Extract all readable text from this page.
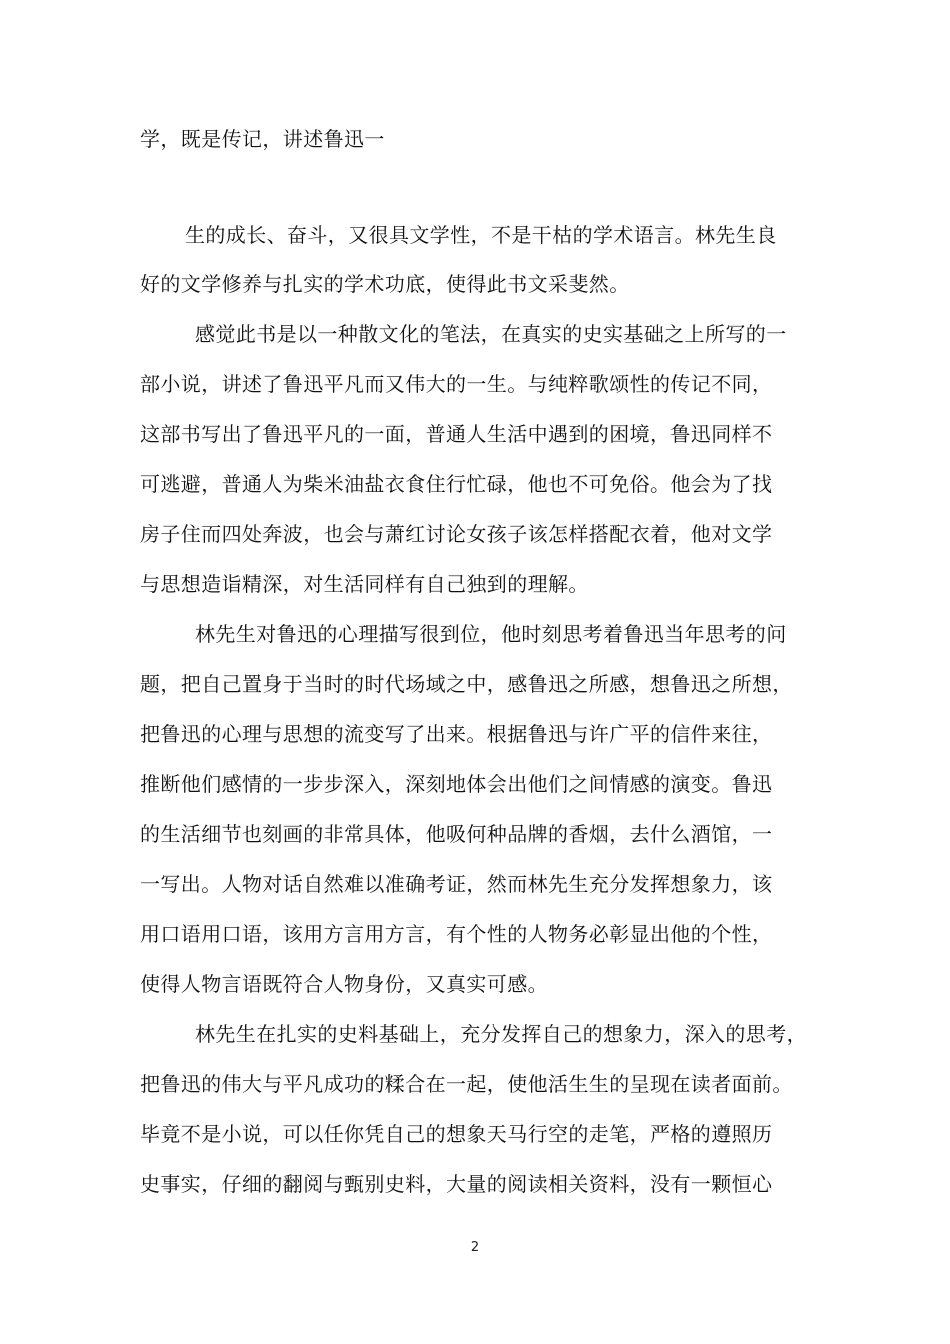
学，既是传记，讲述鲁迅一
生的成长、奋斗，又很具文学性，不是干枯的学术语言。林先生良
好的文学修养与扎实的学术功底，使得此书文采斐然。
感觉此书是以一种散文化的笔法，在真实的史实基础之上所写的一
部小说，讲述了鲁迅平凡而又伟大的一生。与纯粹歌颂性的传记不同，
这部书写出了鲁迅平凡的一面，普通人生活中遇到的困境，鲁迅同样不
可逃避，普通人为柴米油盐衣食住行忙碌，他也不可免俗。他会为了找
房子住而四处奔波，也会与萧红讨论女孩子该怎样搭配衣着，他对文学
与思想造诣精深，对生活同样有自己独到的理解。
林先生对鲁迅的心理描写很到位，他时刻思考着鲁迅当年思考的问
题，把自己置身于当时的时代场域之中，感鲁迅之所感，想鲁迅之所想，
把鲁迅的心理与思想的流变写了出来。根据鲁迅与许广平的信件来往，
推断他们感情的一步步深入，深刻地体会出他们之间情感的演变。鲁迅
的生活细节也刻画的非常具体，他吸何种品牌的香烟，去什么酒馆，一
一写出。人物对话自然难以准确考证，然而林先生充分发挥想象力，该
用口语用口语，该用方言用方言，有个性的人物务必彰显出他的个性，
使得人物言语既符合人物身份，又真实可感。
林先生在扎实的史料基础上，充分发挥自己的想象力，深入的思考，
把鲁迅的伟大与平凡成功的糅合在一起，使他活生生的呈现在读者面前。
毕竟不是小说，可以任你凭自己的想象天马行空的走笔，严格的遵照历
史事实，仔细的翻阅与甄别史料，大量的阅读相关资料，没有一颗恒心
2
